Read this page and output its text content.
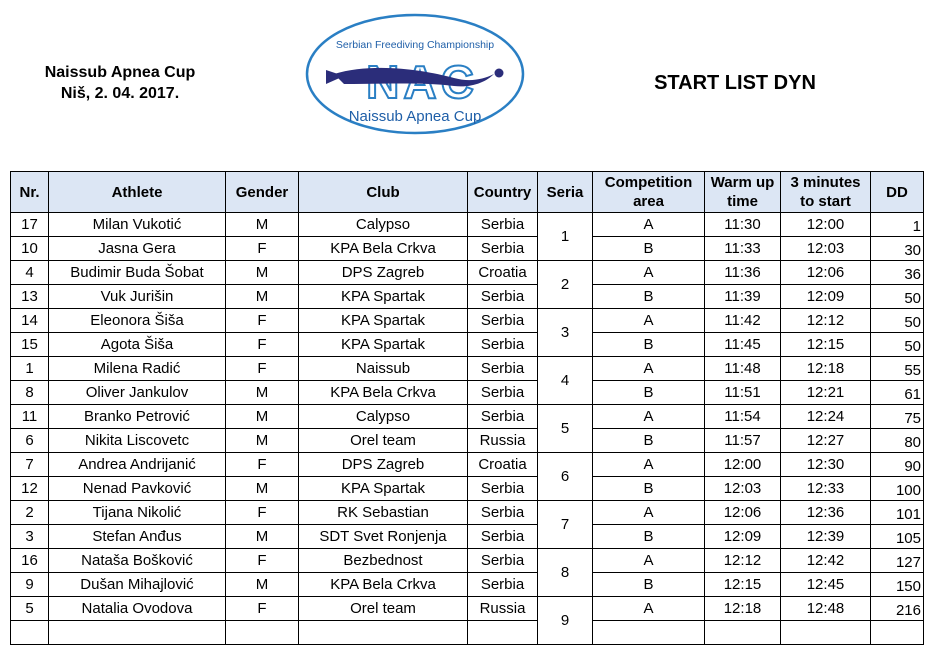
Naissub Apnea Cup
Niš, 2. 04. 2017.
Serbian Freediving Championship
Naissub Apnea Cup
START LIST DYN
Nr.	Athlete	Gender	Club	Country	Seria	Competition area	Warm up time	3 minutes to start	DD
17	Milan Vukotić	M	Calypso	Serbia	1	A	11:30	12:00	1
10	Jasna Gera	F	KPA Bela Crkva	Serbia		B	11:33	12:03	30
4	Budimir Buda Šobat	M	DPS Zagreb	Croatia	2	A	11:36	12:06	36
13	Vuk Jurišin	M	KPA Spartak	Serbia		B	11:39	12:09	50
14	Eleonora Šiša	F	KPA Spartak	Serbia	3	A	11:42	12:12	50
15	Agota Šiša	F	KPA Spartak	Serbia		B	11:45	12:15	50
1	Milena Radić	F	Naissub	Serbia	4	A	11:48	12:18	55
8	Oliver Jankulov	M	KPA Bela Crkva	Serbia		B	11:51	12:21	61
11	Branko Petrović	M	Calypso	Serbia	5	A	11:54	12:24	75
6	Nikita Liscovetc	M	Orel team	Russia		B	11:57	12:27	80
7	Andrea Andrijanić	F	DPS Zagreb	Croatia	6	A	12:00	12:30	90
12	Nenad Pavković	M	KPA Spartak	Serbia		B	12:03	12:33	100
2	Tijana Nikolić	F	RK Sebastian	Serbia	7	A	12:06	12:36	101
3	Stefan Anđus	M	SDT Svet Ronjenja	Serbia		B	12:09	12:39	105
16	Nataša Bošković	F	Bezbednost	Serbia	8	A	12:12	12:42	127
9	Dušan Mihajlović	M	KPA Bela Crkva	Serbia		B	12:15	12:45	150
5	Natalia Ovodova	F	Orel team	Russia	9	A	12:18	12:48	216
